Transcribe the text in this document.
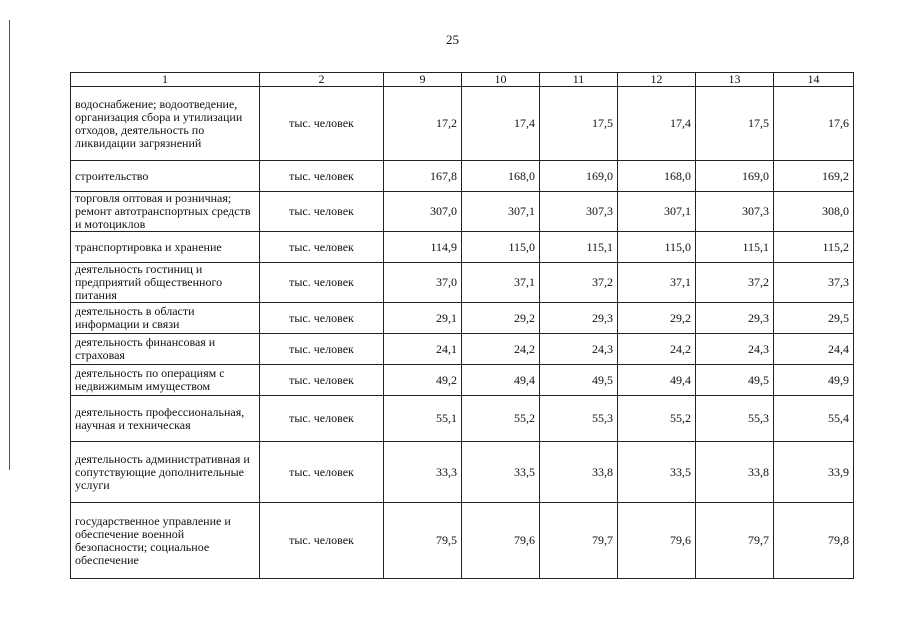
25
1	2	9	10	11	12	13	14
водоснабжение; водоотведение, организация сбора и утилизации отходов, деятельность по ликвидации загрязнений	тыс. человек	17,2	17,4	17,5	17,4	17,5	17,6
строительство	тыс. человек	167,8	168,0	169,0	168,0	169,0	169,2
торговля оптовая и розничная; ремонт автотранспортных средств и мотоциклов	тыс. человек	307,0	307,1	307,3	307,1	307,3	308,0
транспортировка и хранение	тыс. человек	114,9	115,0	115,1	115,0	115,1	115,2
деятельность гостиниц и предприятий общественного питания	тыс. человек	37,0	37,1	37,2	37,1	37,2	37,3
деятельность в области информации и связи	тыс. человек	29,1	29,2	29,3	29,2	29,3	29,5
деятельность финансовая и страховая	тыс. человек	24,1	24,2	24,3	24,2	24,3	24,4
деятельность по операциям с недвижимым имуществом	тыс. человек	49,2	49,4	49,5	49,4	49,5	49,9
деятельность профессиональная, научная и техническая	тыс. человек	55,1	55,2	55,3	55,2	55,3	55,4
деятельность административная и сопутствующие дополнительные услуги	тыс. человек	33,3	33,5	33,8	33,5	33,8	33,9
государственное управление и обеспечение военной безопасности; социальное обеспечение	тыс. человек	79,5	79,6	79,7	79,6	79,7	79,8
